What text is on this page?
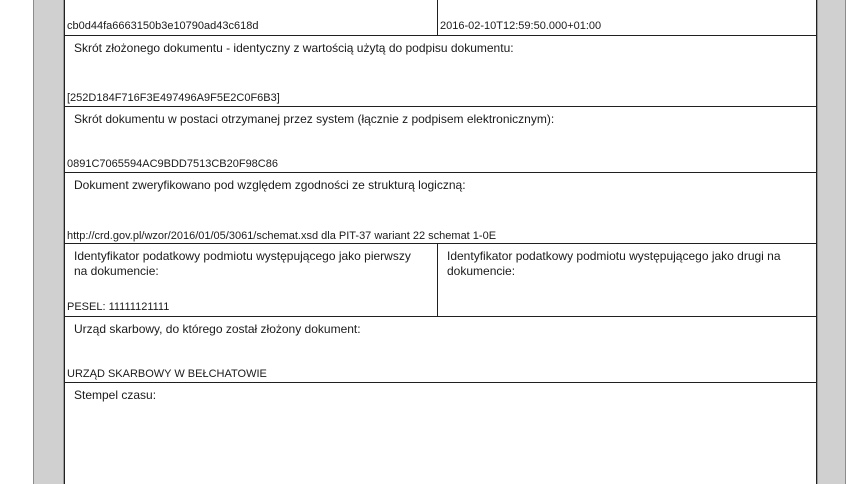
cb0d44fa6663150b3e10790ad43c618d	2016-02-10T12:59:50.000+01:00
Skrót złożonego dokumentu - identyczny z wartością użytą do podpisu dokumentu:
[252D184F716F3E497496A9F5E2C0F6B3]
Skrót dokumentu w postaci otrzymanej przez system (łącznie z podpisem elektronicznym):
0891C7065594AC9BDD7513CB20F98C86
Dokument zweryfikowano pod względem zgodności ze strukturą logiczną:
http://crd.gov.pl/wzor/2016/01/05/3061/schemat.xsd dla PIT-37 wariant 22 schemat 1-0E
Identyfikator podatkowy podmiotu występującego jako pierwszy na dokumencie:
PESEL: 11111121111
Identyfikator podatkowy podmiotu występującego jako drugi na dokumencie:
Urząd skarbowy, do którego został złożony dokument:
URZĄD SKARBOWY W BEŁCHATOWIE
Stempel czasu:
